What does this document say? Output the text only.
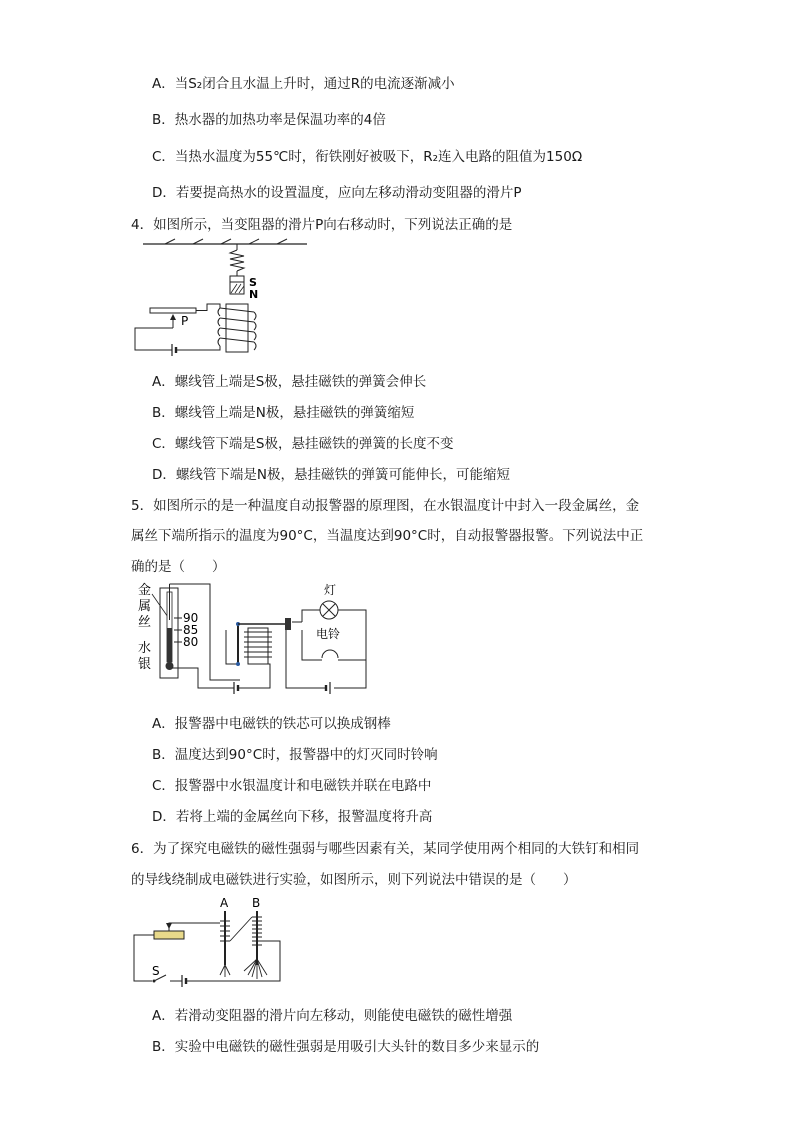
A．当S₂闭合且水温上升时，通过R的电流逐渐减小
B．热水器的加热功率是保温功率的4倍
C．当热水温度为55℃时，衔铁刚好被吸下，R₂连入电路的阻值为150Ω
D．若要提高热水的设置温度，应向左移动滑动变阻器的滑片P
4．如图所示，当变阻器的滑片P向右移动时，下列说法正确的是
S
N
P
A．螺线管上端是S极，悬挂磁铁的弹簧会伸长
B．螺线管上端是N极，悬挂磁铁的弹簧缩短
C．螺线管下端是S极，悬挂磁铁的弹簧的长度不变
D．螺线管下端是N极，悬挂磁铁的弹簧可能伸长，可能缩短
5．如图所示的是一种温度自动报警器的原理图，在水银温度计中封入一段金属丝，金
属丝下端所指示的温度为90°C，当温度达到90°C时，自动报警器报警。下列说法中正
确的是（　　）
金
属
丝
水
银
90
85
80
灯
电铃
A．报警器中电磁铁的铁芯可以换成钢棒
B．温度达到90°C时，报警器中的灯灭同时铃响
C．报警器中水银温度计和电磁铁并联在电路中
D．若将上端的金属丝向下移，报警温度将升高
6．为了探究电磁铁的磁性强弱与哪些因素有关，某同学使用两个相同的大铁钉和相同
的导线绕制成电磁铁进行实验，如图所示，则下列说法中错误的是（　　）
A B
S
A．若滑动变阻器的滑片向左移动，则能使电磁铁的磁性增强
B．实验中电磁铁的磁性强弱是用吸引大头针的数目多少来显示的
